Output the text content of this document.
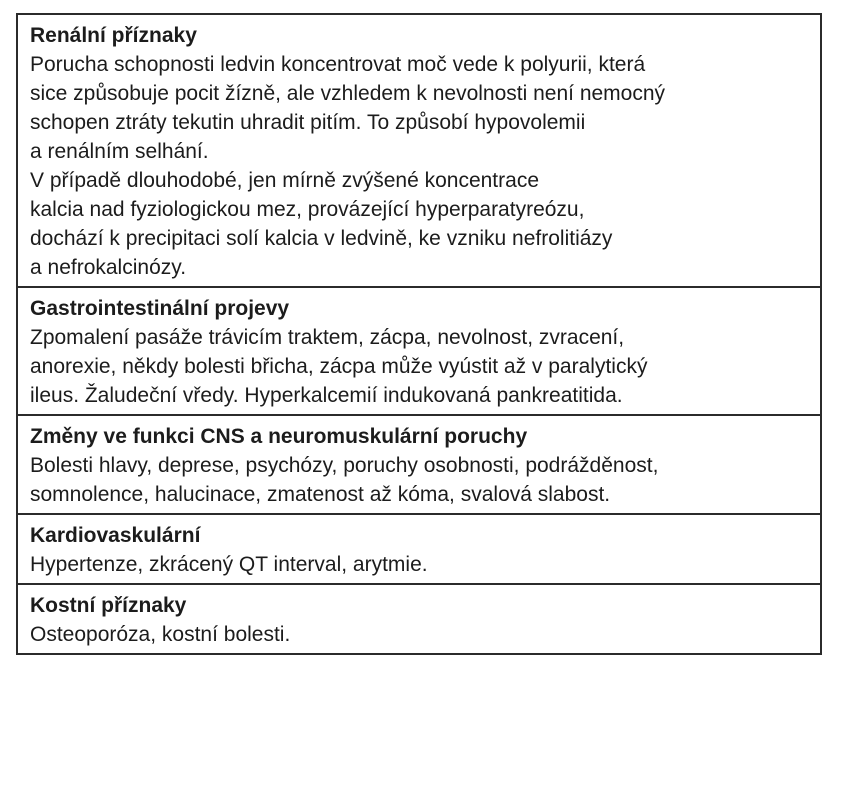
Renální příznaky
Porucha schopnosti ledvin koncentrovat moč vede k polyurii, která
sice způsobuje pocit žízně, ale vzhledem k nevolnosti není nemocný
schopen ztráty tekutin uhradit pitím. To způsobí hypovolemii
a renálním selhání.
V případě dlouhodobé, jen mírně zvýšené koncentrace
kalcia nad fyziologickou mez, provázející hyperparatyreózu,
dochází k precipitaci solí kalcia v ledvině, ke vzniku nefrolitiázy
a nefrokalcinózy.
Gastrointestinální projevy
Zpomalení pasáže trávicím traktem, zácpa, nevolnost, zvracení,
anorexie, někdy bolesti břicha, zácpa může vyústit až v paralytický
ileus. Žaludeční vředy. Hyperkalcemií indukovaná pankreatitida.
Změny ve funkci CNS a neuromuskulární poruchy
Bolesti hlavy, deprese, psychózy, poruchy osobnosti, podrážděnost,
somnolence, halucinace, zmatenost až kóma, svalová slabost.
Kardiovaskulární
Hypertenze, zkrácený QT interval, arytmie.
Kostní příznaky
Osteoporóza, kostní bolesti.
